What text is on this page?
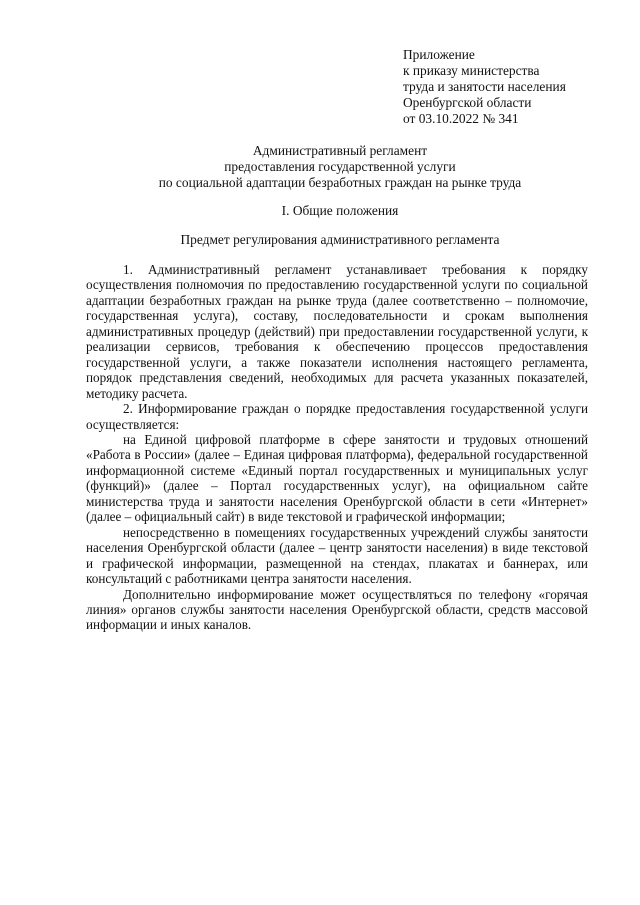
Приложение
к приказу министерства
труда и занятости населения
Оренбургской области
от 03.10.2022 № 341
Административный регламент
предоставления государственной услуги
по социальной адаптации безработных граждан на рынке труда
I. Общие положения
Предмет регулирования административного регламента

1. Административный регламент устанавливает требования к порядку осуществления полномочия по предоставлению государственной услуги по социальной адаптации безработных граждан на рынке труда (далее соответственно – полномочие, государственная услуга), составу, последовательности и срокам выполнения административных процедур (действий) при предоставлении государственной услуги, к реализации сервисов, требования к обеспечению процессов предоставления государственной услуги, а также показатели исполнения настоящего регламента, порядок представления сведений, необходимых для расчета указанных показателей, методику расчета.

2. Информирование граждан о порядке предоставления государственной услуги осуществляется:

на Единой цифровой платформе в сфере занятости и трудовых отношений «Работа в России» (далее – Единая цифровая платформа), федеральной государственной информационной системе «Единый портал государственных и муниципальных услуг (функций)» (далее – Портал государственных услуг), на официальном сайте министерства труда и занятости населения Оренбургской области в сети «Интернет» (далее – официальный сайт) в виде текстовой и графической информации;

непосредственно в помещениях государственных учреждений службы занятости населения Оренбургской области (далее – центр занятости населения) в виде текстовой и графической информации, размещенной на стендах, плакатах и баннерах, или консультаций с работниками центра занятости населения.

Дополнительно информирование может осуществляться по телефону «горячая линия» органов службы занятости населения Оренбургской области, средств массовой информации и иных каналов.
